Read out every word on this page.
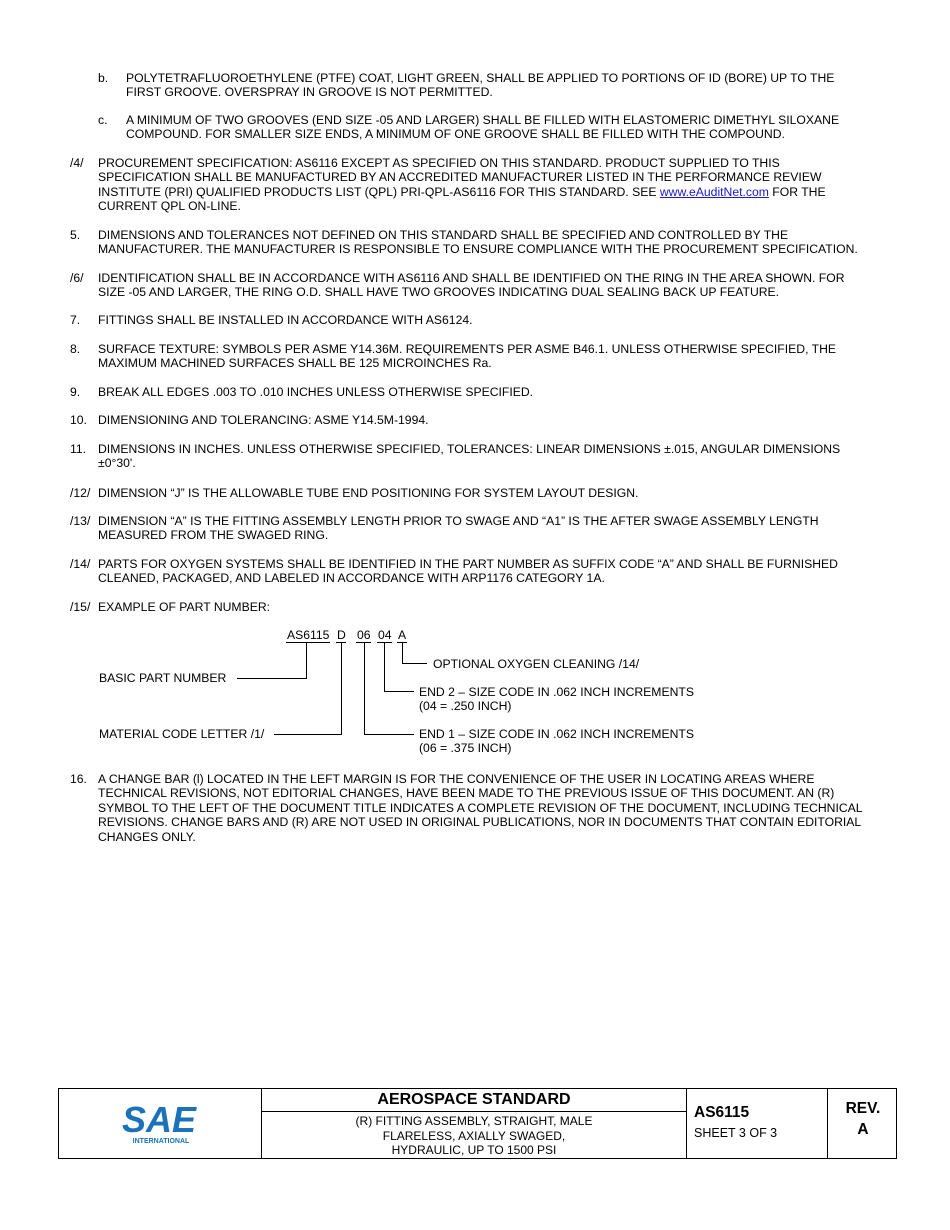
b. POLYTETRAFLUOROETHYLENE (PTFE) COAT, LIGHT GREEN, SHALL BE APPLIED TO PORTIONS OF ID (BORE) UP TO THE
FIRST GROOVE. OVERSPRAY IN GROOVE IS NOT PERMITTED.
c. A MINIMUM OF TWO GROOVES (END SIZE -05 AND LARGER) SHALL BE FILLED WITH ELASTOMERIC DIMETHYL SILOXANE
COMPOUND. FOR SMALLER SIZE ENDS, A MINIMUM OF ONE GROOVE SHALL BE FILLED WITH THE COMPOUND.
/4/ PROCUREMENT SPECIFICATION: AS6116 EXCEPT AS SPECIFIED ON THIS STANDARD. PRODUCT SUPPLIED TO THIS
SPECIFICATION SHALL BE MANUFACTURED BY AN ACCREDITED MANUFACTURER LISTED IN THE PERFORMANCE REVIEW
INSTITUTE (PRI) QUALIFIED PRODUCTS LIST (QPL) PRI-QPL-AS6116 FOR THIS STANDARD. SEE www.eAuditNet.com FOR THE
CURRENT QPL ON-LINE.
5. DIMENSIONS AND TOLERANCES NOT DEFINED ON THIS STANDARD SHALL BE SPECIFIED AND CONTROLLED BY THE
MANUFACTURER. THE MANUFACTURER IS RESPONSIBLE TO ENSURE COMPLIANCE WITH THE PROCUREMENT SPECIFICATION.
/6/ IDENTIFICATION SHALL BE IN ACCORDANCE WITH AS6116 AND SHALL BE IDENTIFIED ON THE RING IN THE AREA SHOWN. FOR
SIZE -05 AND LARGER, THE RING O.D. SHALL HAVE TWO GROOVES INDICATING DUAL SEALING BACK UP FEATURE.
7. FITTINGS SHALL BE INSTALLED IN ACCORDANCE WITH AS6124.
8. SURFACE TEXTURE: SYMBOLS PER ASME Y14.36M. REQUIREMENTS PER ASME B46.1. UNLESS OTHERWISE SPECIFIED, THE
MAXIMUM MACHINED SURFACES SHALL BE 125 MICROINCHES Ra.
9. BREAK ALL EDGES .003 TO .010 INCHES UNLESS OTHERWISE SPECIFIED.
10. DIMENSIONING AND TOLERANCING: ASME Y14.5M-1994.
11. DIMENSIONS IN INCHES. UNLESS OTHERWISE SPECIFIED, TOLERANCES: LINEAR DIMENSIONS ±.015, ANGULAR DIMENSIONS
±0°30'.
/12/ DIMENSION “J” IS THE ALLOWABLE TUBE END POSITIONING FOR SYSTEM LAYOUT DESIGN.
/13/ DIMENSION “A” IS THE FITTING ASSEMBLY LENGTH PRIOR TO SWAGE AND “A1” IS THE AFTER SWAGE ASSEMBLY LENGTH
MEASURED FROM THE SWAGED RING.
/14/ PARTS FOR OXYGEN SYSTEMS SHALL BE IDENTIFIED IN THE PART NUMBER AS SUFFIX CODE “A” AND SHALL BE FURNISHED
CLEANED, PACKAGED, AND LABELED IN ACCORDANCE WITH ARP1176 CATEGORY 1A.
/15/ EXAMPLE OF PART NUMBER:
AS6115 D 06 04 A
OPTIONAL OXYGEN CLEANING /14/
BASIC PART NUMBER
END 2 – SIZE CODE IN .062 INCH INCREMENTS
(04 = .250 INCH)
MATERIAL CODE LETTER /1/	END 1 – SIZE CODE IN .062 INCH INCREMENTS
(06 = .375 INCH)
16. A CHANGE BAR (l) LOCATED IN THE LEFT MARGIN IS FOR THE CONVENIENCE OF THE USER IN LOCATING AREAS WHERE
TECHNICAL REVISIONS, NOT EDITORIAL CHANGES, HAVE BEEN MADE TO THE PREVIOUS ISSUE OF THIS DOCUMENT. AN (R)
SYMBOL TO THE LEFT OF THE DOCUMENT TITLE INDICATES A COMPLETE REVISION OF THE DOCUMENT, INCLUDING TECHNICAL
REVISIONS. CHANGE BARS AND (R) ARE NOT USED IN ORIGINAL PUBLICATIONS, NOR IN DOCUMENTS THAT CONTAIN EDITORIAL
CHANGES ONLY.
SAE
INTERNATIONAL
AEROSPACE STANDARD
(R) FITTING ASSEMBLY, STRAIGHT, MALE
FLARELESS, AXIALLY SWAGED,
HYDRAULIC, UP TO 1500 PSI
AS6115
SHEET 3 OF 3
REV.
A
